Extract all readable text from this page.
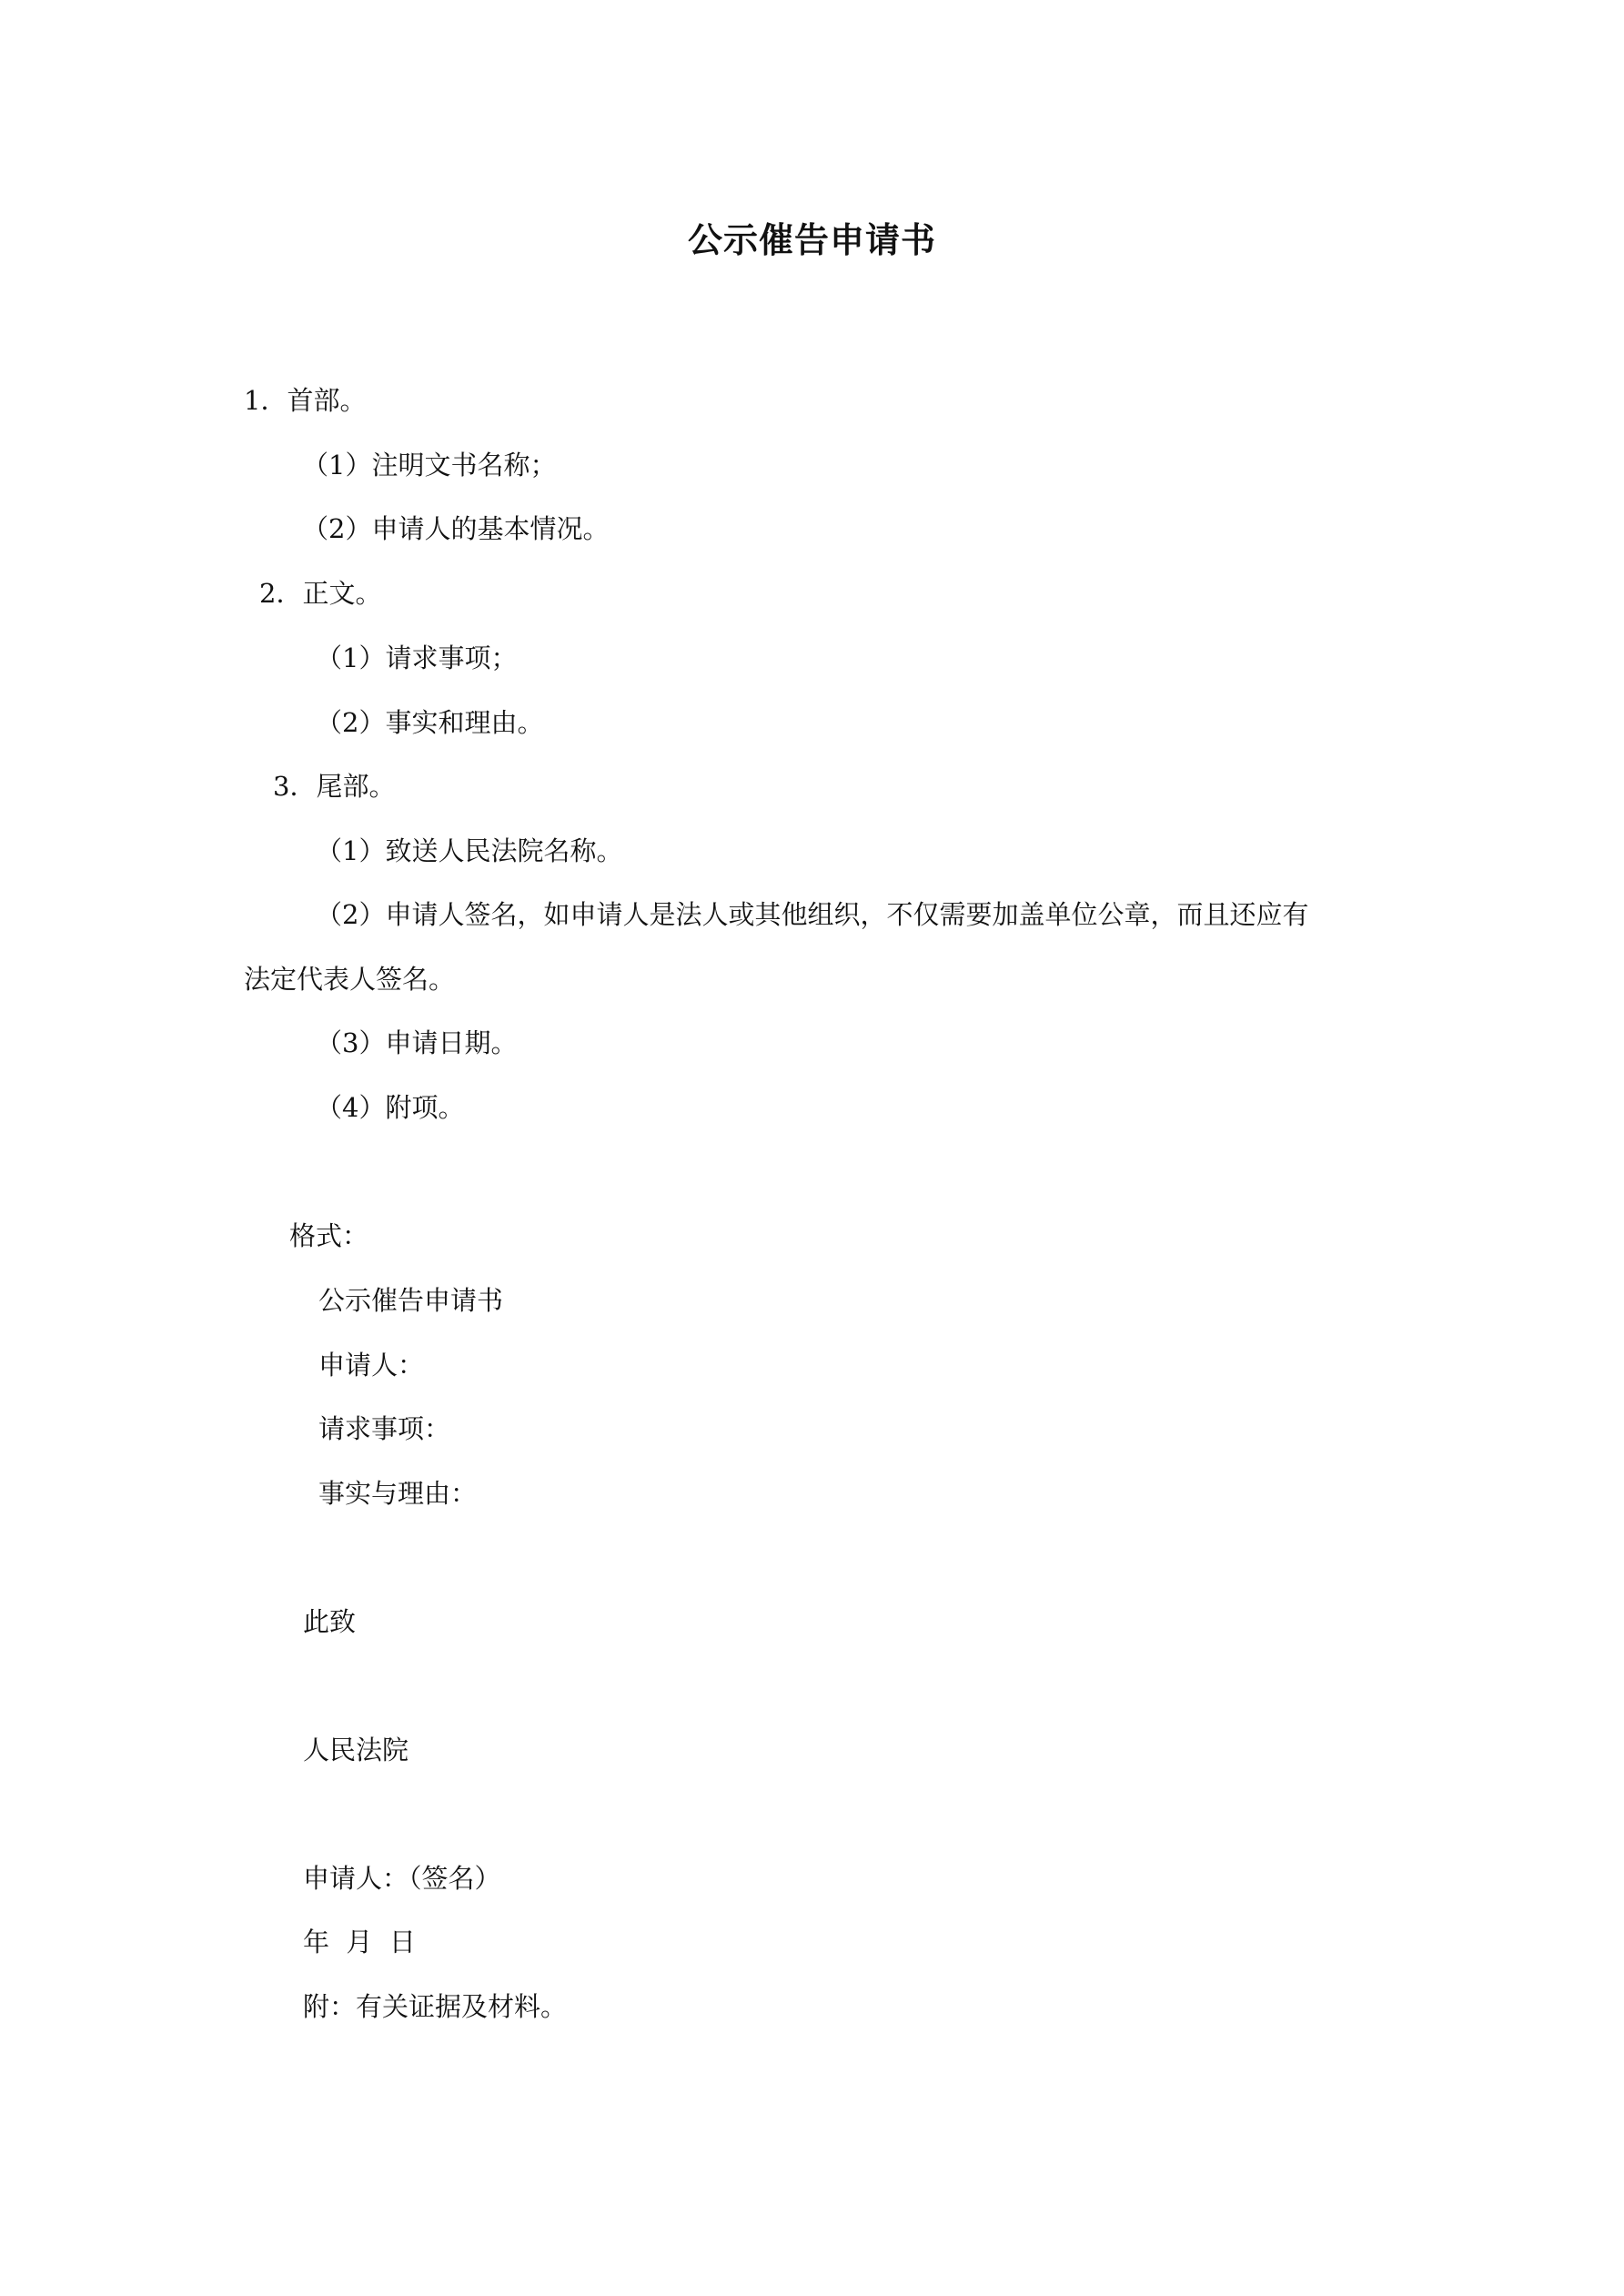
公示催告申请书
1．首部。
（1）注明文书名称；
（2）申请人的基本情况。
2．正文。
（1）请求事项；
（2）事实和理由。
3．尾部。
（1）致送人民法院名称。
（2）申请人签名，如申请人是法人或其他组织，不仅需要加盖单位公章，而且还应有
法定代表人签名。
（3）申请日期。
（4）附项。
格式：
公示催告申请书
申请人：
请求事项：
事实与理由：
此致
人民法院
申请人：（签名）
年  月  日
附：有关证据及材料。
